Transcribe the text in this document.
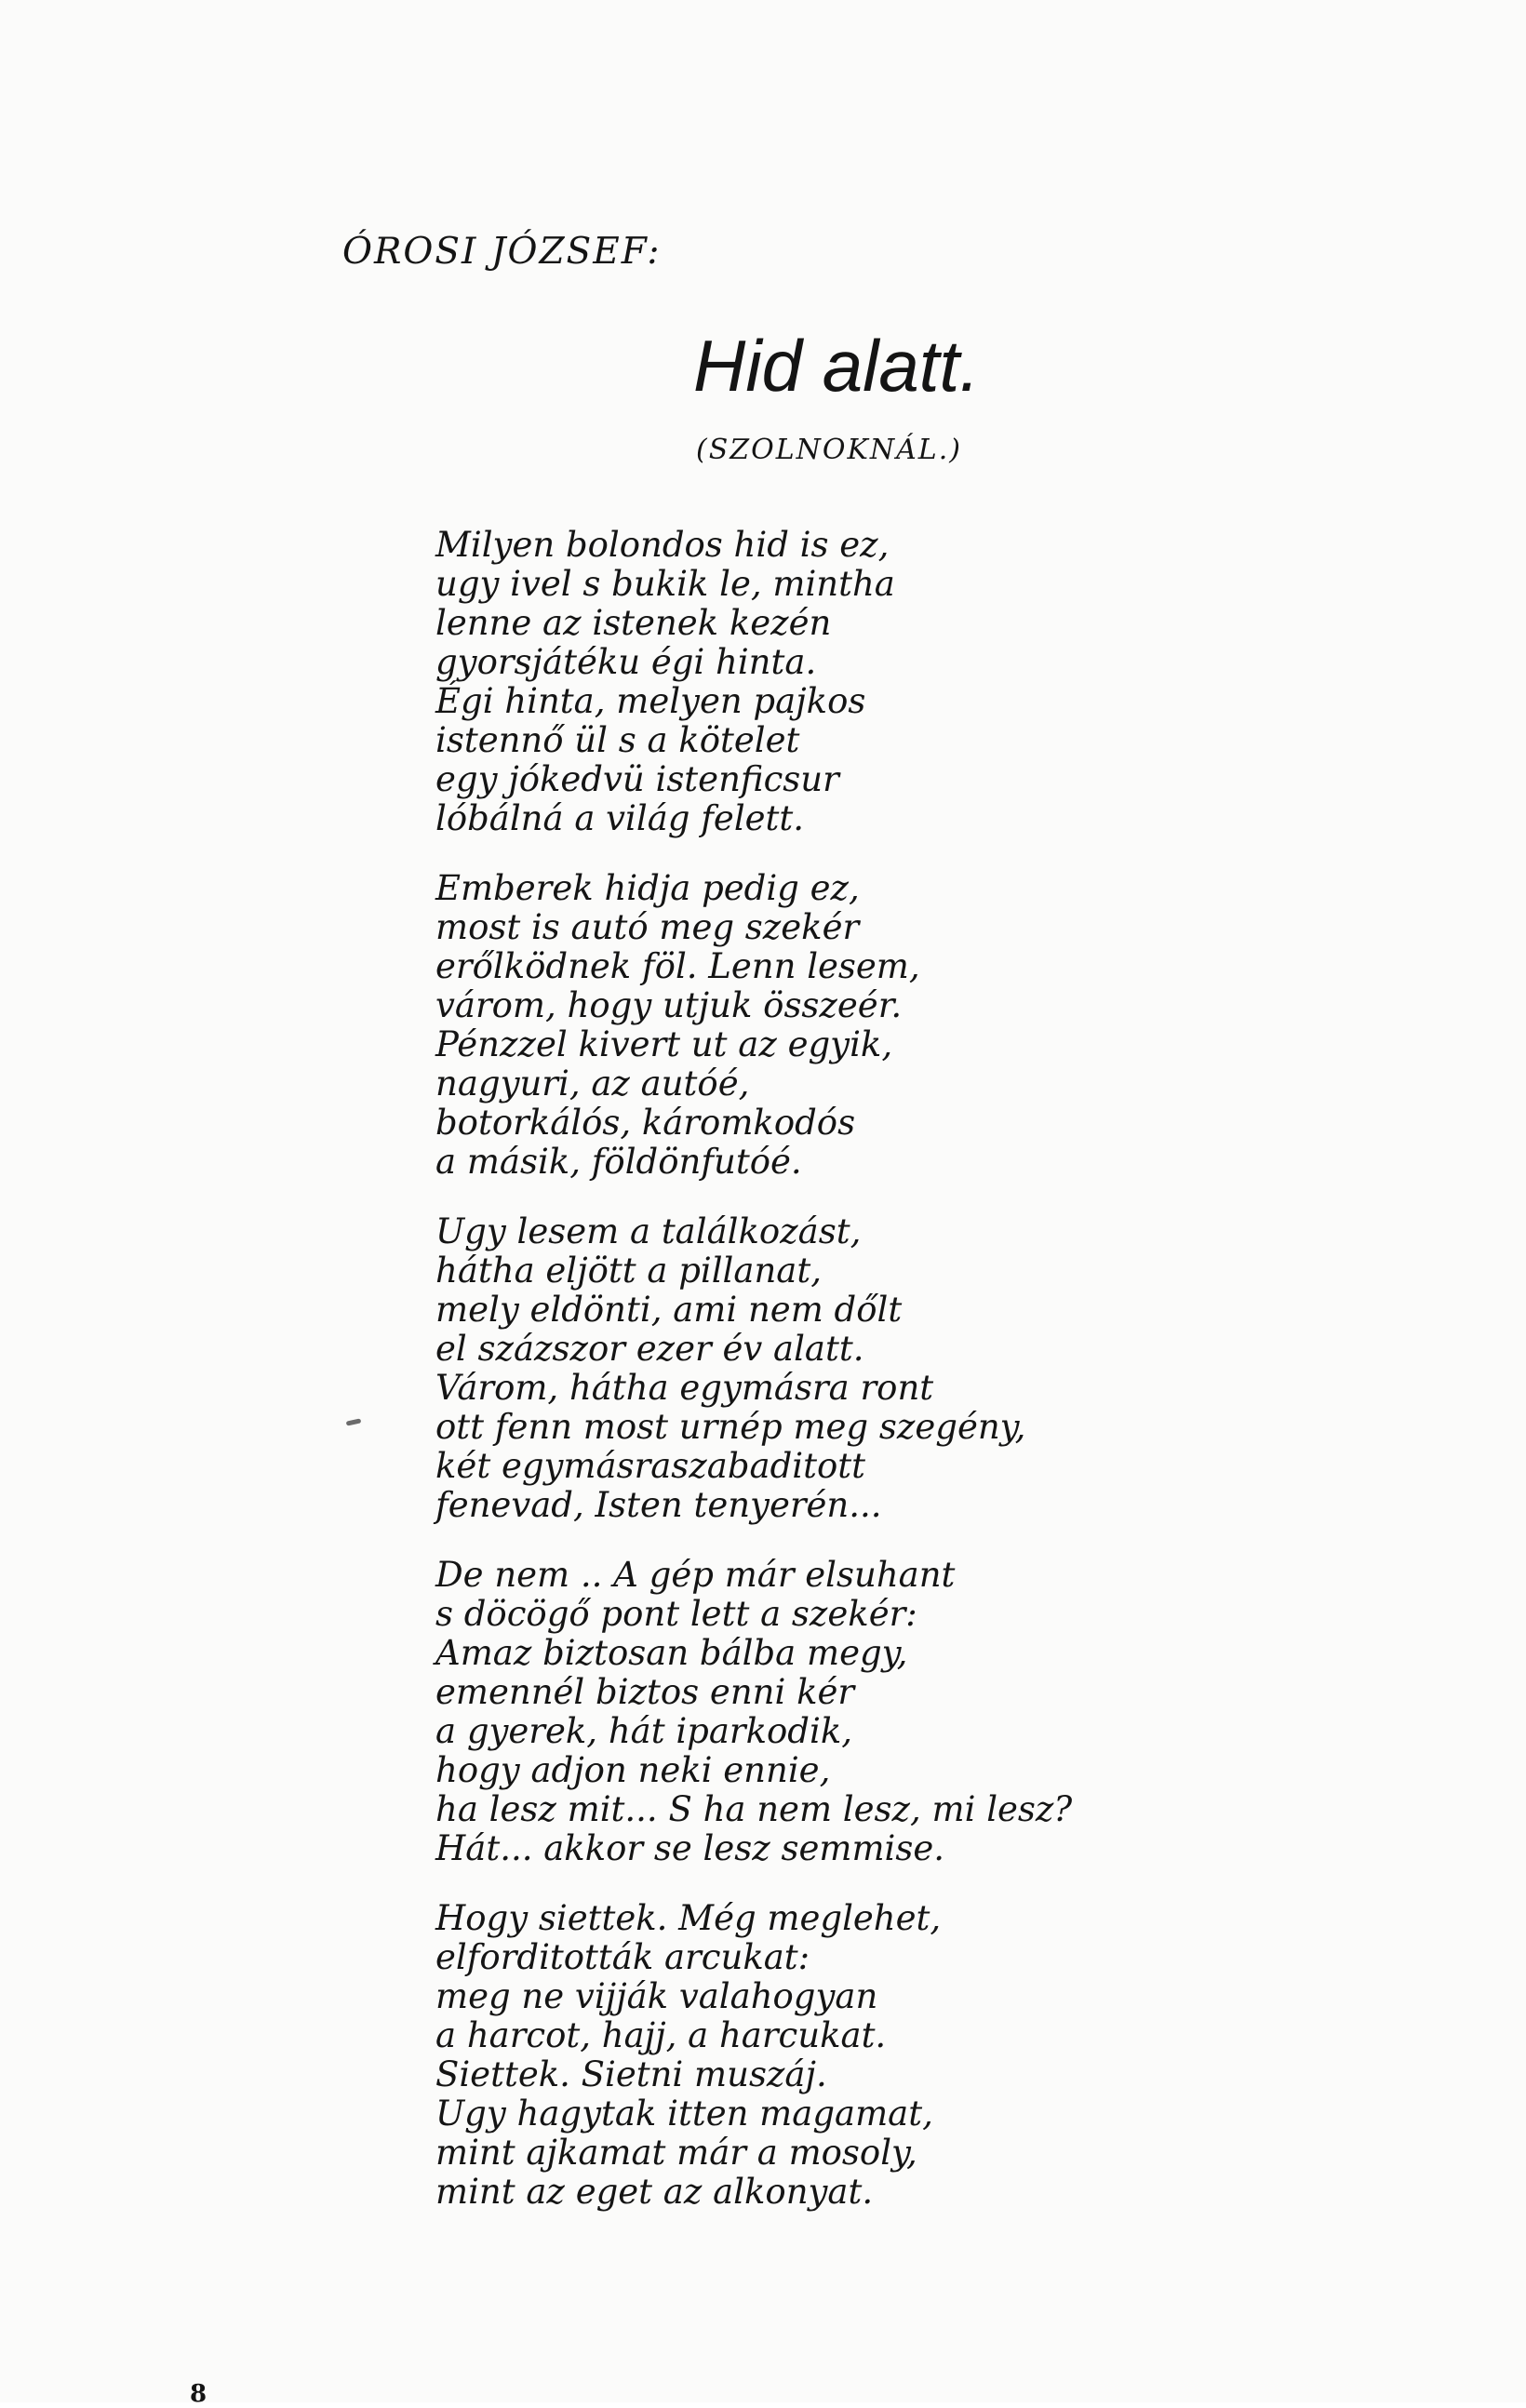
ÓROSI JÓZSEF:
Hid alatt.
(SZOLNOKNÁL.)
Milyen bolondos hid is ez,
ugy ivel s bukik le, mintha
lenne az istenek kezén
gyorsjátéku égi hinta.
Égi hinta, melyen pajkos
istennő ül s a kötelet
egy jókedvü istenficsur
lóbálná a világ felett.
Emberek hidja pedig ez,
most is autó meg szekér
erőlködnek föl. Lenn lesem,
várom, hogy utjuk összeér.
Pénzzel kivert ut az egyik,
nagyuri, az autóé,
botorkálós, káromkodós
a másik, földönfutóé.
Ugy lesem a találkozást,
hátha eljött a pillanat,
mely eldönti, ami nem dőlt
el százszor ezer év alatt.
Várom, hátha egymásra ront
ott fenn most urnép meg szegény,
két egymásraszabaditott
fenevad, Isten tenyerén...
De nem .. A gép már elsuhant
s döcögő pont lett a szekér:
Amaz biztosan bálba megy,
emennél biztos enni kér
a gyerek, hát iparkodik,
hogy adjon neki ennie,
ha lesz mit... S ha nem lesz, mi lesz?
Hát... akkor se lesz semmise.
Hogy siettek. Még meglehet,
elforditották arcukat:
meg ne vijják valahogyan
a harcot, hajj, a harcukat.
Siettek. Sietni muszáj.
Ugy hagytak itten magamat,
mint ajkamat már a mosoly,
mint az eget az alkonyat.
8
